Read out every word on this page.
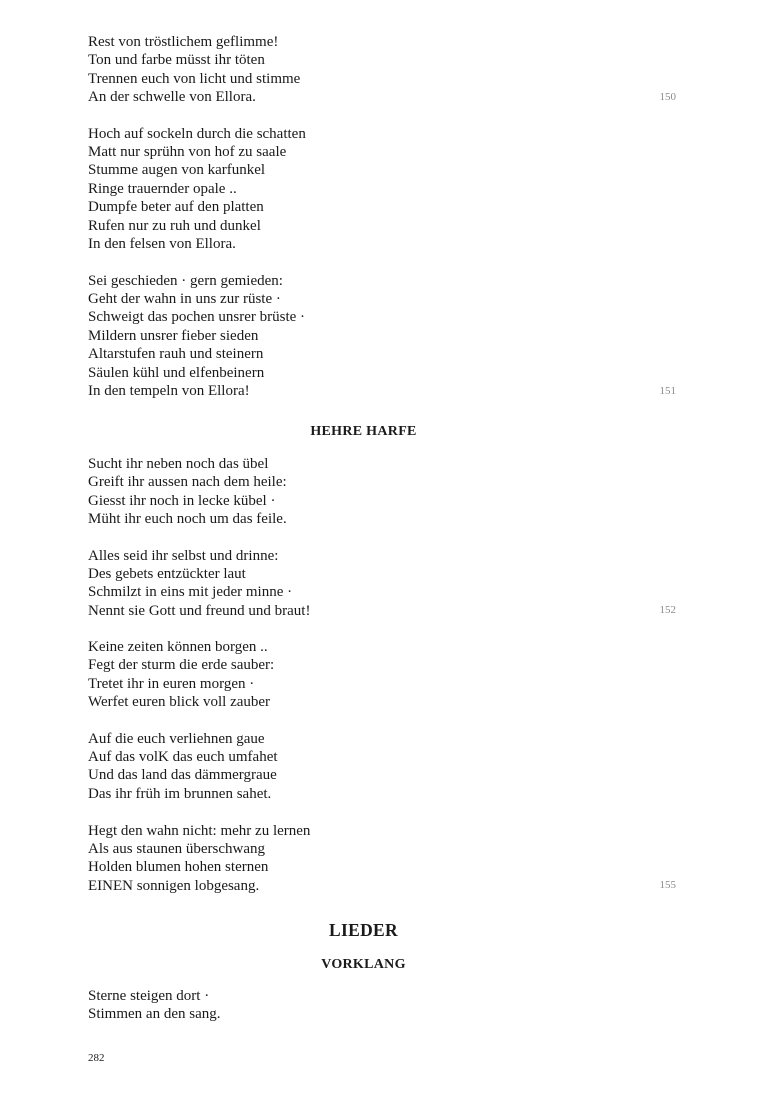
Rest von tröstlichem geflimme!
Ton und farbe müsst ihr töten
Trennen euch von licht und stimme
An der schwelle von Ellora.	150
Hoch auf sockeln durch die schatten
Matt nur sprühn von hof zu saale
Stumme augen von karfunkel
Ringe trauernder opale ..
Dumpfe beter auf den platten
Rufen nur zu ruh und dunkel
In den felsen von Ellora.
Sei geschieden · gern gemieden:
Geht der wahn in uns zur rüste ·
Schweigt das pochen unsrer brüste ·
Mildern unsrer fieber sieden
Altarstufen rauh und steinern
Säulen kühl und elfenbeinern
In den tempeln von Ellora!	151
HEHRE HARFE
Sucht ihr neben noch das übel
Greift ihr aussen nach dem heile:
Giesst ihr noch in lecke kübel ·
Müht ihr euch noch um das feile.
Alles seid ihr selbst und drinne:
Des gebets entzückter laut
Schmilzt in eins mit jeder minne ·
Nennt sie Gott und freund und braut!	152
Keine zeiten können borgen ..
Fegt der sturm die erde sauber:
Tretet ihr in euren morgen ·
Werfet euren blick voll zauber
Auf die euch verliehnen gaue
Auf das volK das euch umfahet
Und das land das dämmergraue
Das ihr früh im brunnen sahet.
Hegt den wahn nicht: mehr zu lernen
Als aus staunen überschwang
Holden blumen hohen sternen
EINEN sonnigen lobgesang.	155
LIEDER
VORKLANG
Sterne steigen dort ·
Stimmen an den sang.
282
